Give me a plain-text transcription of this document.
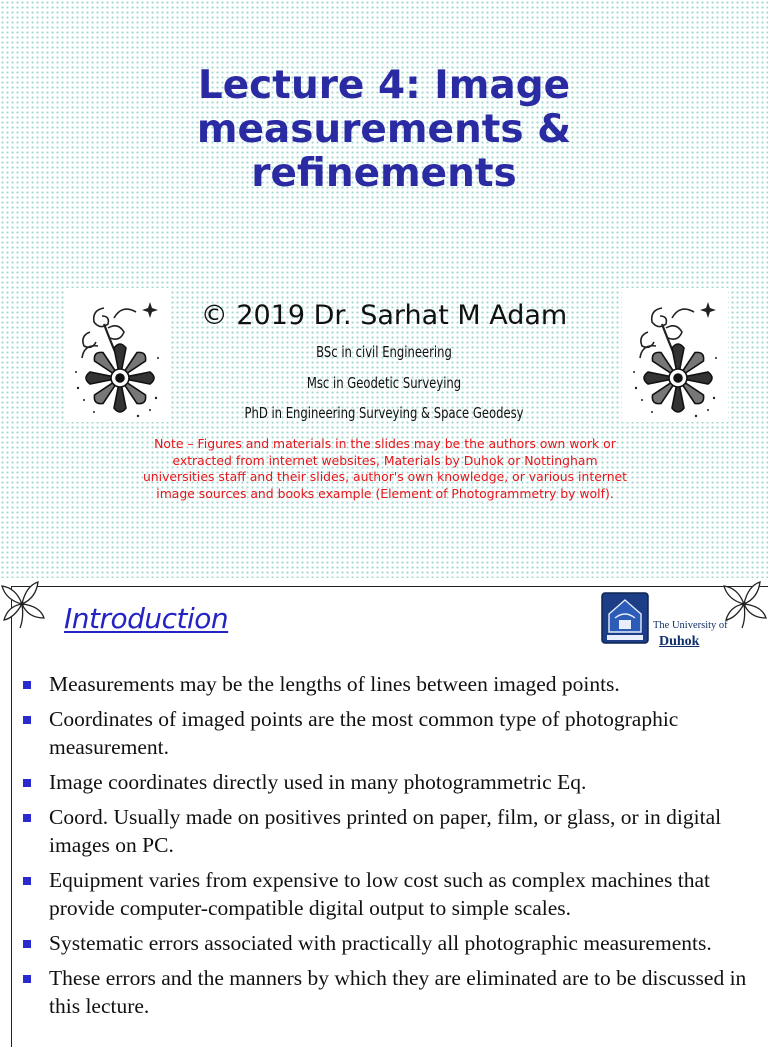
Lecture 4: Image
measurements &
refinements
© 2019 Dr. Sarhat M Adam
BSc in civil Engineering
Msc in Geodetic Surveying
PhD in Engineering Surveying & Space Geodesy

Note – Figures and materials in the slides may be the authors own work or
extracted from internet websites, Materials by Duhok or Nottingham
universities staff and their slides, author's own knowledge, or various internet
image sources and books example (Element of Photogrammetry by wolf).

Introduction	The University of
Duhok
Measurements may be the lengths of lines between imaged points.
Coordinates of imaged points are the most common type of photographic measurement.
Image coordinates directly used in many photogrammetric Eq.
Coord. Usually made on positives printed on paper, film, or glass, or in digital images on PC.
Equipment varies from expensive to low cost such as complex machines that provide computer-compatible digital output to simple scales.
Systematic errors associated with practically all photographic measurements.
These errors and the manners by which they are eliminated are to be discussed in this lecture.
